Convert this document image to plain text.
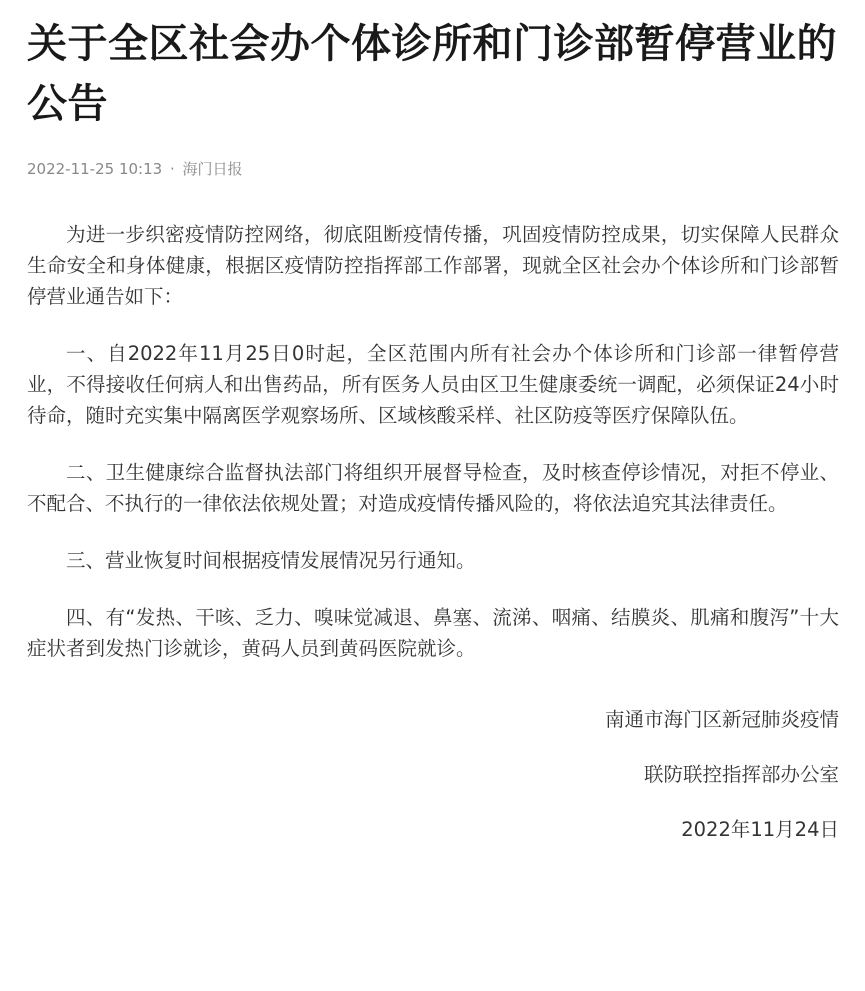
关于全区社会办个体诊所和门诊部暂停营业的公告
2022-11-25 10:13 · 海门日报

为进一步织密疫情防控网络，彻底阻断疫情传播，巩固疫情防控成果，切实保障人民群众生命安全和身体健康，根据区疫情防控指挥部工作部署，现就全区社会办个体诊所和门诊部暂停营业通告如下：

一、自2022年11月25日0时起，全区范围内所有社会办个体诊所和门诊部一律暂停营业，不得接收任何病人和出售药品，所有医务人员由区卫生健康委统一调配，必须保证24小时待命，随时充实集中隔离医学观察场所、区域核酸采样、社区防疫等医疗保障队伍。

二、卫生健康综合监督执法部门将组织开展督导检查，及时核查停诊情况，对拒不停业、不配合、不执行的一律依法依规处置；对造成疫情传播风险的，将依法追究其法律责任。

三、营业恢复时间根据疫情发展情况另行通知。

四、有“发热、干咳、乏力、嗅味觉减退、鼻塞、流涕、咽痛、结膜炎、肌痛和腹泻”十大症状者到发热门诊就诊，黄码人员到黄码医院就诊。

南通市海门区新冠肺炎疫情
联防联控指挥部办公室
2022年11月24日
